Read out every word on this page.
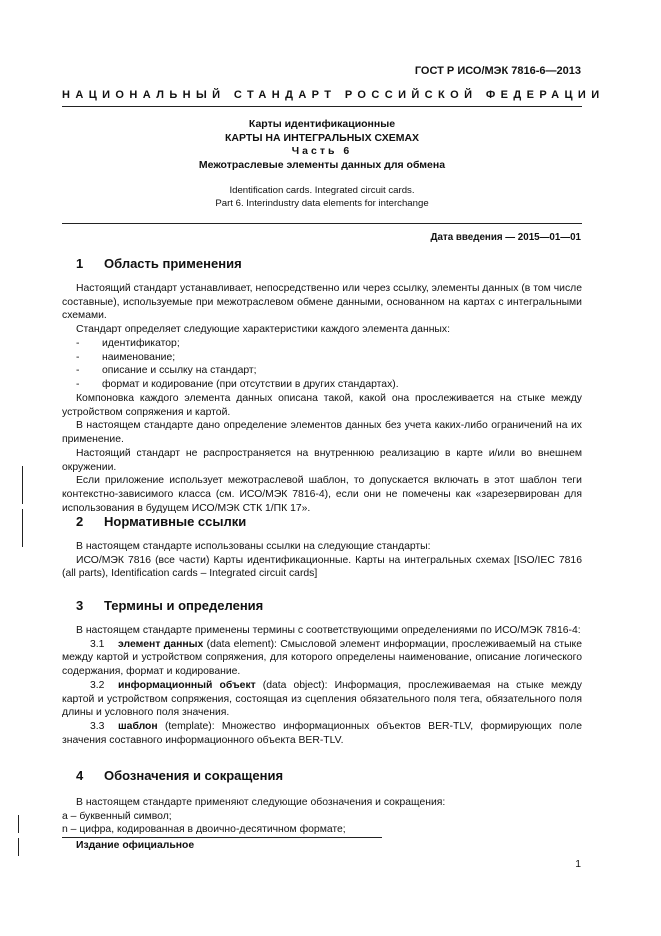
ГОСТ Р ИСО/МЭК 7816-6—2013
НАЦИОНАЛЬНЫЙ СТАНДАРТ РОССИЙСКОЙ ФЕДЕРАЦИИ
Карты идентификационные
КАРТЫ НА ИНТЕГРАЛЬНЫХ СХЕМАХ
Часть 6
Межотраслевые элементы данных для обмена
Identification cards. Integrated circuit cards.
Part 6. Interindustry data elements for interchange
Дата введения — 2015—01—01
1 Область применения

Настоящий стандарт устанавливает, непосредственно или через ссылку, элементы данных (в том числе составные), используемые при межотраслевом обмене данными, основанном на картах с интегральными схемами.

Стандарт определяет следующие характеристики каждого элемента данных:

-	идентификатор;
-	наименование;
-	описание и ссылку на стандарт;
-	формат и кодирование (при отсутствии в других стандартах).

Компоновка каждого элемента данных описана такой, какой она прослеживается на стыке между устройством сопряжения и картой.

В настоящем стандарте дано определение элементов данных без учета каких-либо ограничений на их применение.

Настоящий стандарт не распространяется на внутреннюю реализацию в карте и/или во внешнем окружении.

Если приложение использует межотраслевой шаблон, то допускается включать в этот шаблон теги контекстно-зависимого класса (см. ИСО/МЭК 7816-4), если они не помечены как «зарезервирован для использования в будущем ИСО/МЭК СТК 1/ПК 17».

2 Нормативные ссылки

В настоящем стандарте использованы ссылки на следующие стандарты:

ИСО/МЭК 7816 (все части) Карты идентификационные. Карты на интегральных схемах [ISO/IEC 7816 (all parts), Identification cards – Integrated circuit cards]

3 Термины и определения

В настоящем стандарте применены термины с соответствующими определениями по ИСО/МЭК 7816-4:

3.1 элемент данных (data element): Смысловой элемент информации, прослеживаемый на стыке между картой и устройством сопряжения, для которого определены наименование, описание логического содержания, формат и кодирование.

3.2 информационный объект (data object): Информация, прослеживаемая на стыке между картой и устройством сопряжения, состоящая из сцепления обязательного поля тега, обязательного поля длины и условного поля значения.

3.3 шаблон (template): Множество информационных объектов BER-TLV, формирующих поле значения составного информационного объекта BER-TLV.

4 Обозначения и сокращения

В настоящем стандарте применяют следующие обозначения и сокращения:

a – буквенный символ;

n – цифра, кодированная в двоично-десятичном формате;

Издание официальное
1
